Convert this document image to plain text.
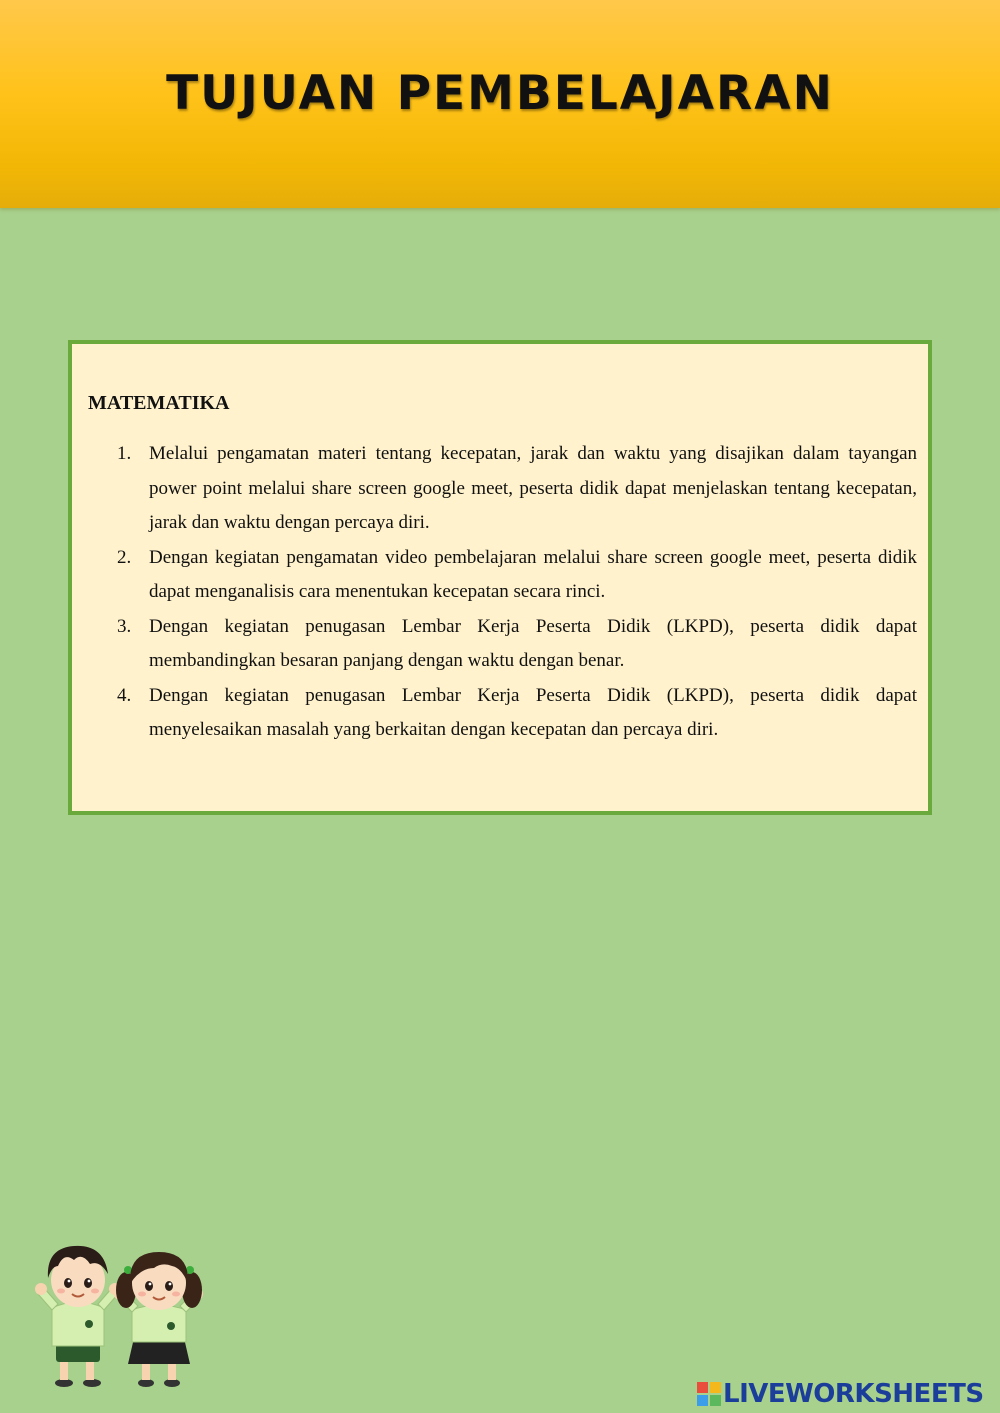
TUJUAN PEMBELAJARAN

MATEMATIKA

1. Melalui pengamatan materi tentang kecepatan, jarak dan waktu yang disajikan dalam tayangan power point melalui share screen google meet, peserta didik dapat menjelaskan tentang kecepatan, jarak dan waktu dengan percaya diri.
2. Dengan kegiatan pengamatan video pembelajaran melalui share screen google meet, peserta didik dapat menganalisis cara menentukan kecepatan secara rinci.
3. Dengan kegiatan penugasan Lembar Kerja Peserta Didik (LKPD), peserta didik dapat membandingkan besaran panjang dengan waktu dengan benar.
4. Dengan kegiatan penugasan Lembar Kerja Peserta Didik (LKPD), peserta didik dapat menyelesaikan masalah yang berkaitan dengan kecepatan dan percaya diri.
LIVEWORKSHEETS
